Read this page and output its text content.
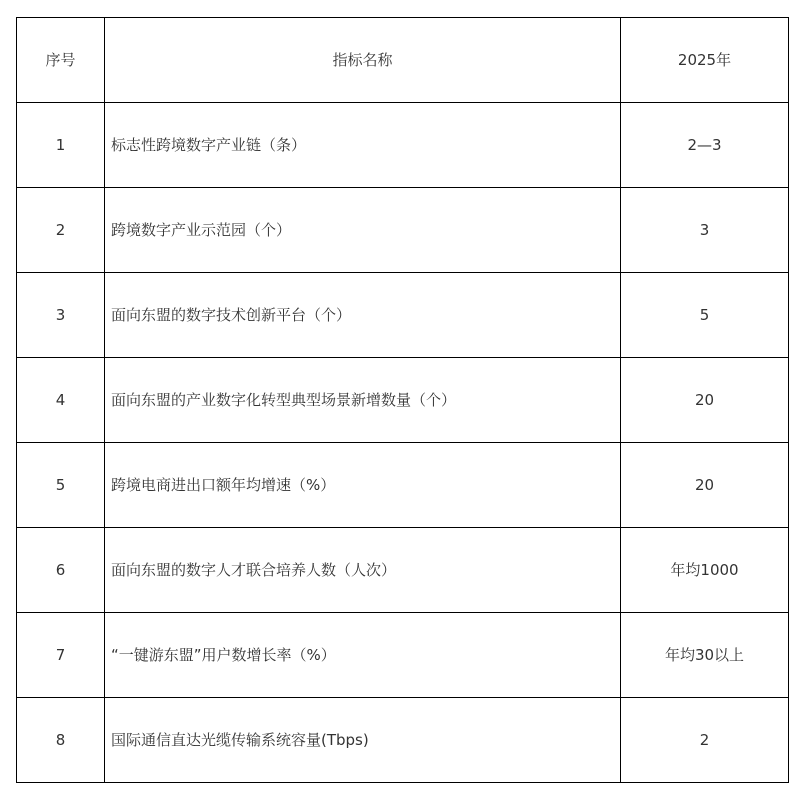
序号	指标名称	2025年
1	标志性跨境数字产业链（条）	2—3
2	跨境数字产业示范园（个）	3
3	面向东盟的数字技术创新平台（个）	5
4	面向东盟的产业数字化转型典型场景新增数量（个）	20
5	跨境电商进出口额年均增速（%）	20
6	面向东盟的数字人才联合培养人数（人次）	年均1000
7	“一键游东盟”用户数增长率（%）	年均30以上
8	国际通信直达光缆传输系统容量(Tbps)	2
